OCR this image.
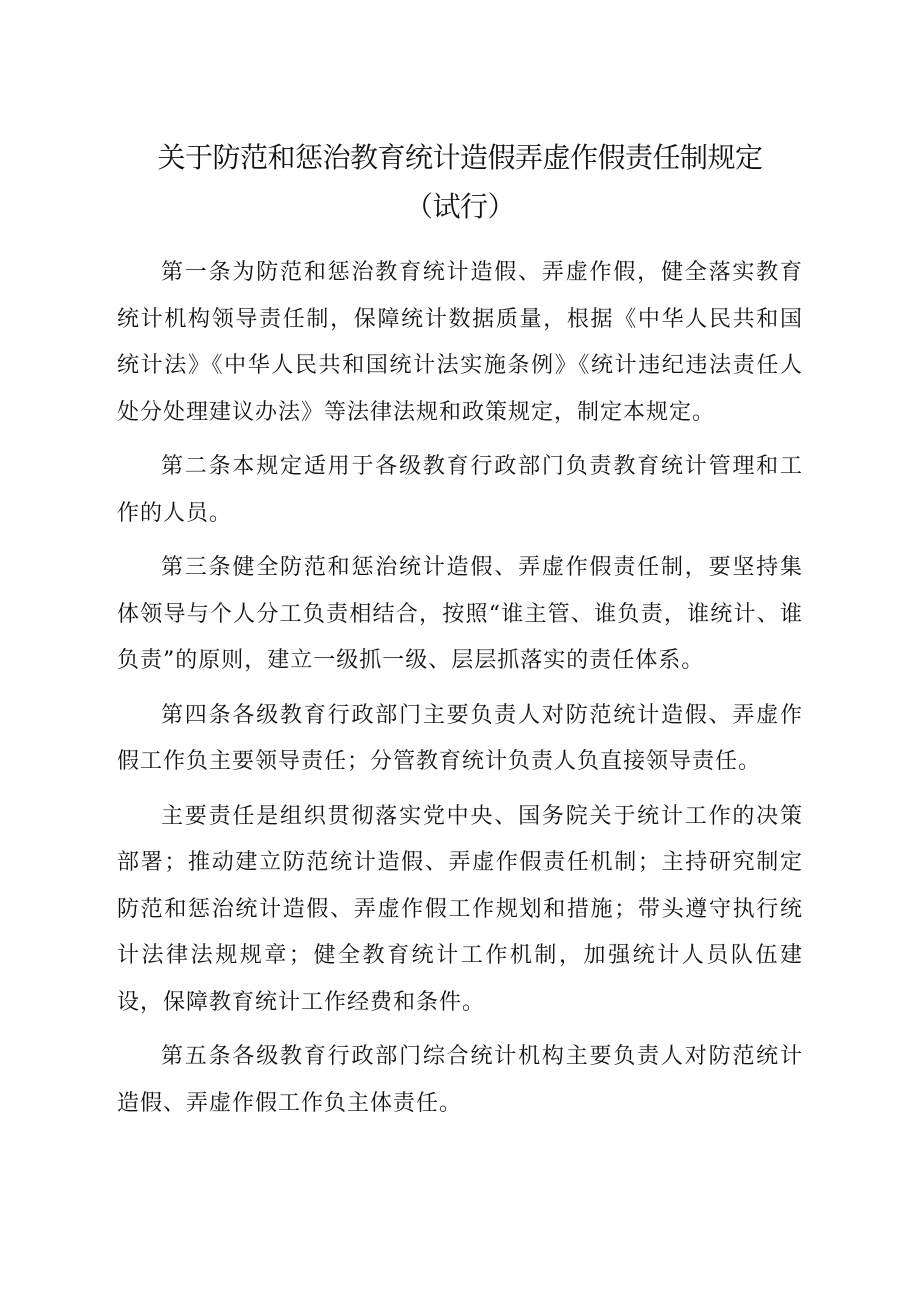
关于防范和惩治教育统计造假弄虚作假责任制规定
（试行）

第一条为防范和惩治教育统计造假、弄虚作假，健全落实教育统计机构领导责任制，保障统计数据质量，根据《中华人民共和国统计法》《中华人民共和国统计法实施条例》《统计违纪违法责任人处分处理建议办法》等法律法规和政策规定，制定本规定。

第二条本规定适用于各级教育行政部门负责教育统计管理和工作的人员。

第三条健全防范和惩治统计造假、弄虚作假责任制，要坚持集体领导与个人分工负责相结合，按照“谁主管、谁负责，谁统计、谁负责”的原则，建立一级抓一级、层层抓落实的责任体系。

第四条各级教育行政部门主要负责人对防范统计造假、弄虚作假工作负主要领导责任；分管教育统计负责人负直接领导责任。

主要责任是组织贯彻落实党中央、国务院关于统计工作的决策部署；推动建立防范统计造假、弄虚作假责任机制；主持研究制定防范和惩治统计造假、弄虚作假工作规划和措施；带头遵守执行统计法律法规规章；健全教育统计工作机制，加强统计人员队伍建设，保障教育统计工作经费和条件。

第五条各级教育行政部门综合统计机构主要负责人对防范统计造假、弄虚作假工作负主体责任。
